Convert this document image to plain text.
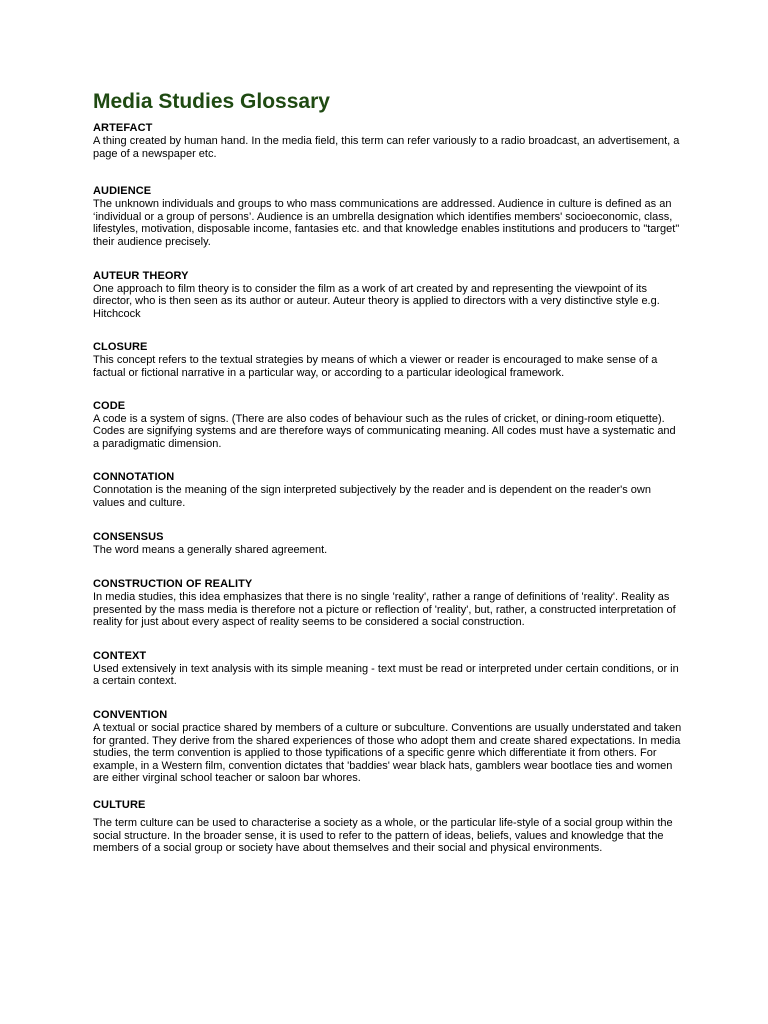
Media Studies Glossary
ARTEFACT
A thing created by human hand. In the media field, this term can refer variously to a radio broadcast, an advertisement, a page of a newspaper etc.
AUDIENCE
The unknown individuals and groups to who mass communications are addressed. Audience in culture is defined as an ‘individual or a group of persons’. Audience is an umbrella designation which identifies members' socioeconomic, class, lifestyles, motivation, disposable income, fantasies etc. and that knowledge enables institutions and producers to "target" their audience precisely.
AUTEUR THEORY
One approach to film theory is to consider the film as a work of art created by and representing the viewpoint of its director, who is then seen as its author or auteur. Auteur theory is applied to directors with a very distinctive style e.g. Hitchcock
CLOSURE
This concept refers to the textual strategies by means of which a viewer or reader is encouraged to make sense of a factual or fictional narrative in a particular way, or according to a particular ideological framework.
CODE
A code is a system of signs. (There are also codes of behaviour such as the rules of cricket, or dining-room etiquette). Codes are signifying systems and are therefore ways of communicating meaning. All codes must have a systematic and a paradigmatic dimension.
CONNOTATION
Connotation is the meaning of the sign interpreted subjectively by the reader and is dependent on the reader's own values and culture.
CONSENSUS
The word means a generally shared agreement.
CONSTRUCTION OF REALITY
In media studies, this idea emphasizes that there is no single 'reality', rather a range of definitions of 'reality'. Reality as presented by the mass media is therefore not a picture or reflection of 'reality', but, rather, a constructed interpretation of reality for just about every aspect of reality seems to be considered a social construction.
CONTEXT
Used extensively in text analysis with its simple meaning - text must be read or interpreted under certain conditions, or in a certain context.
CONVENTION
A textual or social practice shared by members of a culture or subculture. Conventions are usually understated and taken for granted. They derive from the shared experiences of those who adopt them and create shared expectations. In media studies, the term convention is applied to those typifications of a specific genre which differentiate it from others. For example, in a Western film, convention dictates that 'baddies' wear black hats, gamblers wear bootlace ties and women are either virginal school teacher or saloon bar whores.
CULTURE
The term culture can be used to characterise a society as a whole, or the particular life-style of a social group within the social structure. In the broader sense, it is used to refer to the pattern of ideas, beliefs, values and knowledge that the members of a social group or society have about themselves and their social and physical environments.
